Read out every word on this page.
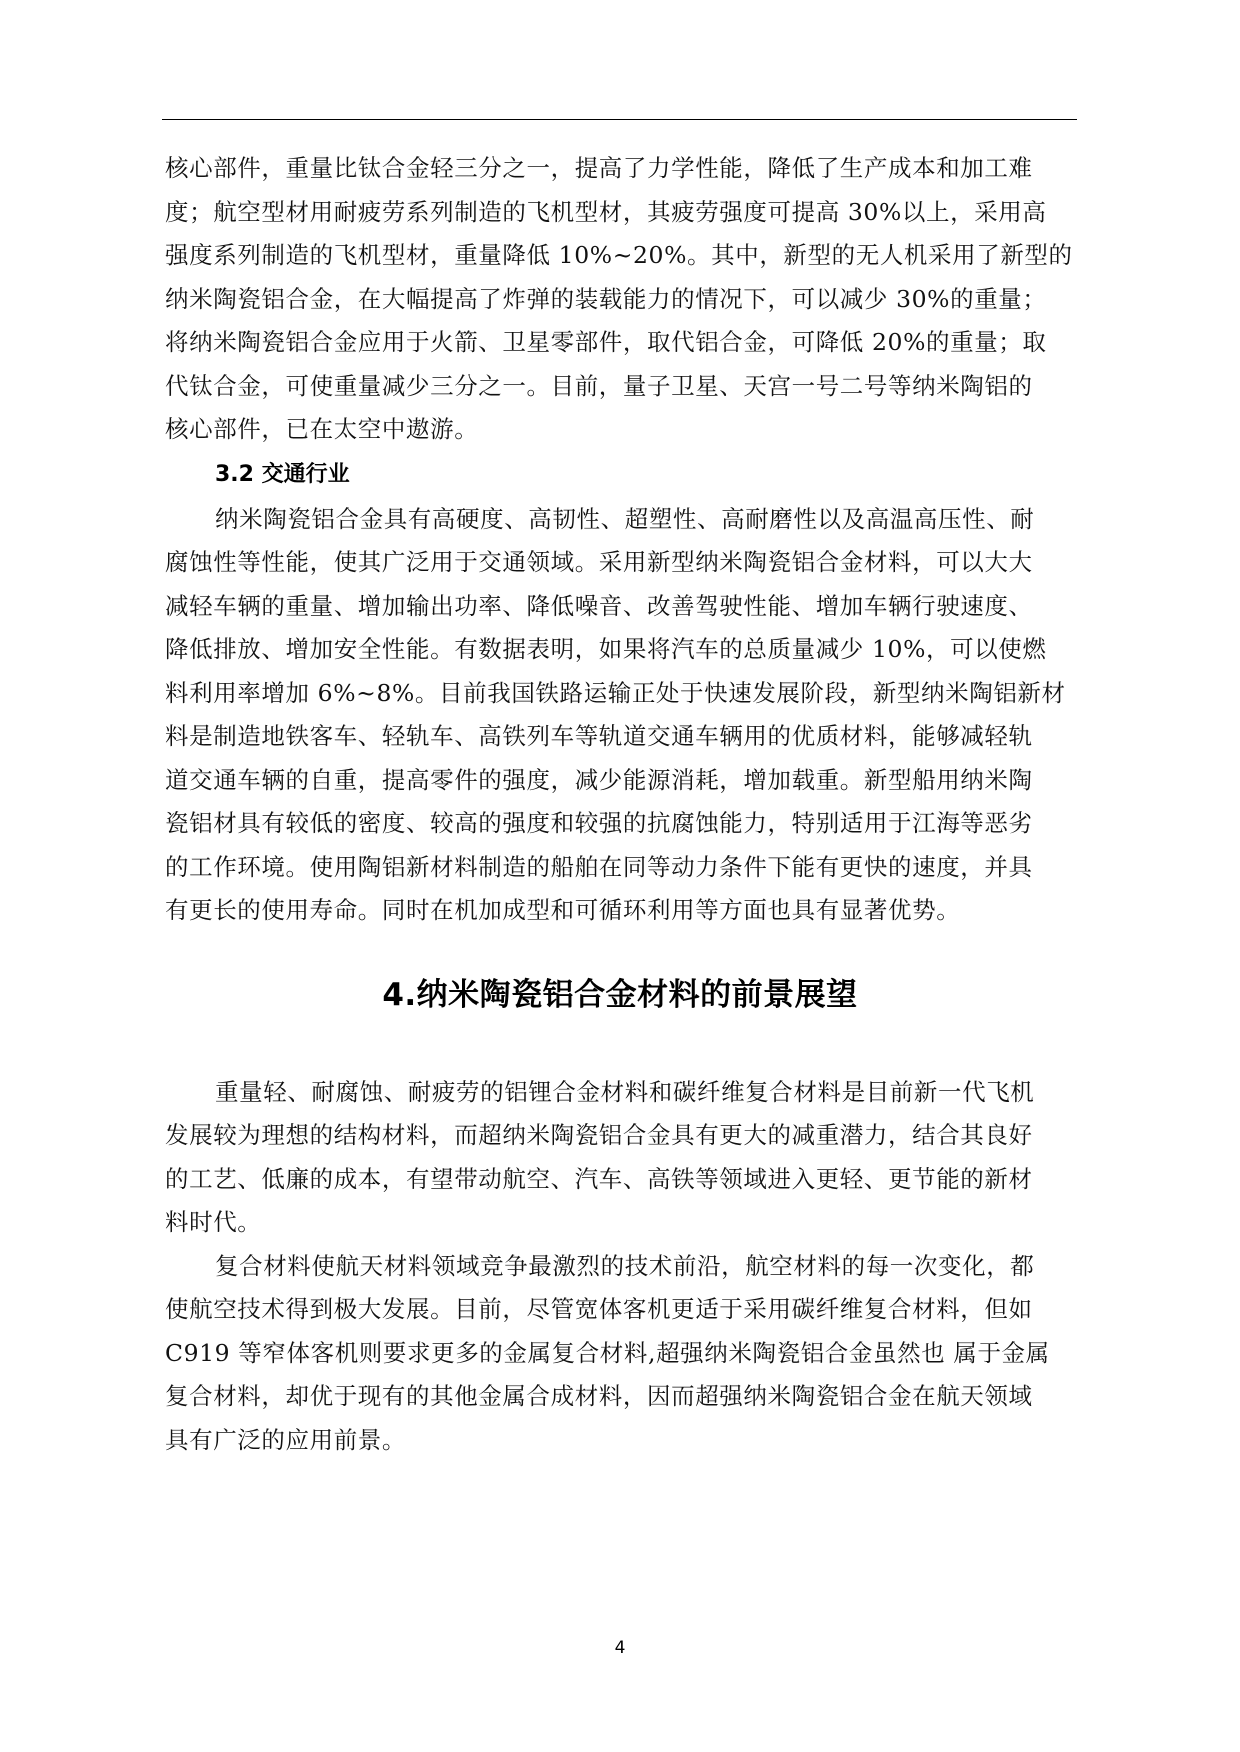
核心部件，重量比钛合金轻三分之一，提高了力学性能，降低了生产成本和加工难
度；航空型材用耐疲劳系列制造的飞机型材，其疲劳强度可提高 30%以上，采用高
强度系列制造的飞机型材，重量降低 10%~20%。其中，新型的无人机采用了新型的
纳米陶瓷铝合金，在大幅提高了炸弹的装载能力的情况下，可以减少 30%的重量；
将纳米陶瓷铝合金应用于火箭、卫星零部件，取代铝合金，可降低 20%的重量；取
代钛合金，可使重量减少三分之一。目前，量子卫星、天宫一号二号等纳米陶铝的
核心部件，已在太空中遨游。
3.2 交通行业
纳米陶瓷铝合金具有高硬度、高韧性、超塑性、高耐磨性以及高温高压性、耐
腐蚀性等性能，使其广泛用于交通领域。采用新型纳米陶瓷铝合金材料，可以大大
减轻车辆的重量、增加输出功率、降低噪音、改善驾驶性能、增加车辆行驶速度、
降低排放、增加安全性能。有数据表明，如果将汽车的总质量减少 10%，可以使燃
料利用率增加 6%~8%。目前我国铁路运输正处于快速发展阶段，新型纳米陶铝新材
料是制造地铁客车、轻轨车、高铁列车等轨道交通车辆用的优质材料，能够减轻轨
道交通车辆的自重，提高零件的强度，减少能源消耗，增加载重。新型船用纳米陶
瓷铝材具有较低的密度、较高的强度和较强的抗腐蚀能力，特别适用于江海等恶劣
的工作环境。使用陶铝新材料制造的船舶在同等动力条件下能有更快的速度，并具
有更长的使用寿命。同时在机加成型和可循环利用等方面也具有显著优势。
4.纳米陶瓷铝合金材料的前景展望
重量轻、耐腐蚀、耐疲劳的铝锂合金材料和碳纤维复合材料是目前新一代飞机
发展较为理想的结构材料，而超纳米陶瓷铝合金具有更大的减重潜力，结合其良好
的工艺、低廉的成本，有望带动航空、汽车、高铁等领域进入更轻、更节能的新材
料时代。
复合材料使航天材料领域竞争最激烈的技术前沿，航空材料的每一次变化，都
使航空技术得到极大发展。目前，尽管宽体客机更适于采用碳纤维复合材料，但如
C919 等窄体客机则要求更多的金属复合材料,超强纳米陶瓷铝合金虽然也 属于金属
复合材料，却优于现有的其他金属合成材料，因而超强纳米陶瓷铝合金在航天领域
具有广泛的应用前景。
4
